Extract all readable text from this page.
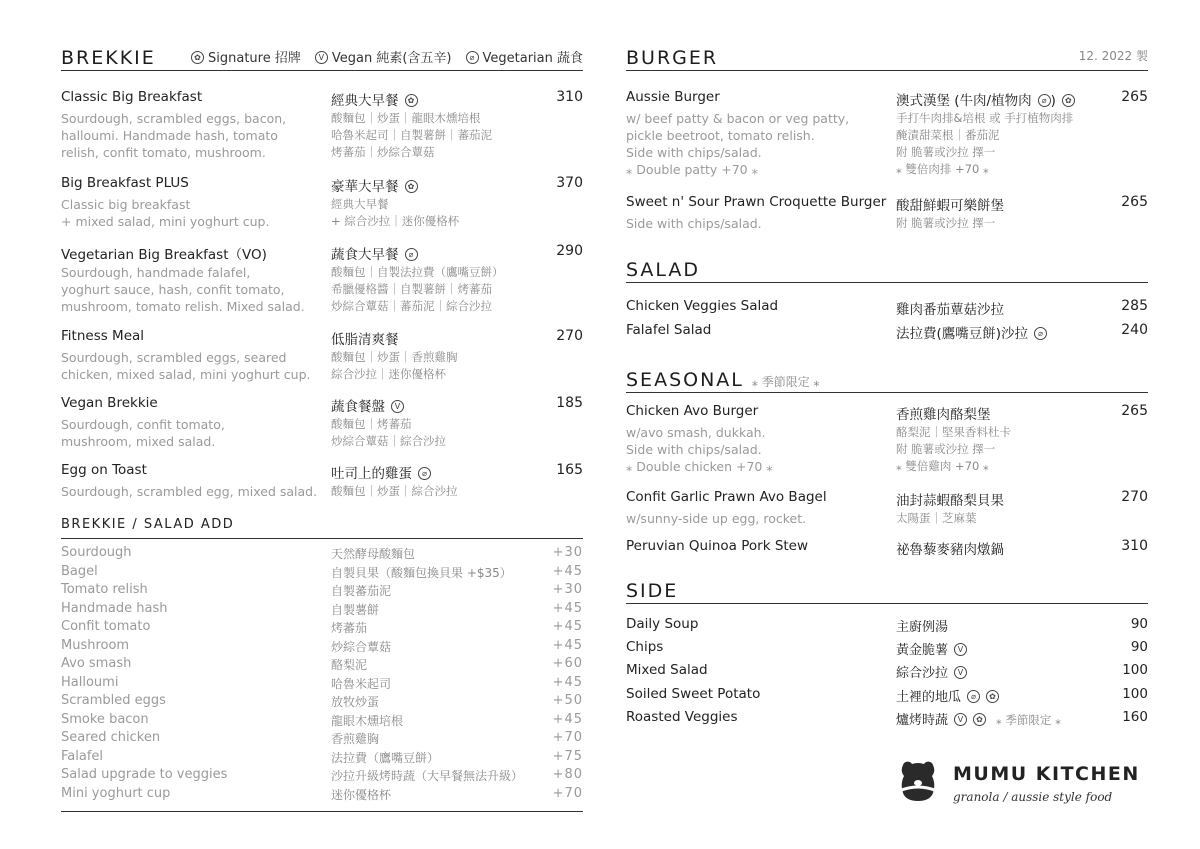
BREKKIE	✿ Signature 招牌 V Vegan 純素(含五辛) ⌀ Vegetarian 蔬食
Classic Big Breakfast	經典大早餐 ✿	310
Sourdough, scrambled eggs, bacon,
halloumi. Handmade hash, tomato
relish, confit tomato, mushroom.
酸麵包｜炒蛋｜龍眼木燻培根
哈魯米起司｜自製薯餅｜蕃茄泥
烤蕃茄｜炒綜合蕈菇
Big Breakfast PLUS	豪華大早餐 ✿	370
Classic big breakfast
+ mixed salad, mini yoghurt cup.
經典大早餐
+ 綜合沙拉｜迷你優格杯
Vegetarian Big Breakfast（VO)	蔬食大早餐 ⌀	290
Sourdough, handmade falafel,
yoghurt sauce, hash, confit tomato,
mushroom, tomato relish. Mixed salad.
酸麵包｜自製法拉費（鷹嘴豆餅）
希臘優格醬｜自製薯餅｜烤蕃茄
炒綜合蕈菇｜蕃茄泥｜綜合沙拉
Fitness Meal	低脂清爽餐	270
Sourdough, scrambled eggs, seared
chicken, mixed salad, mini yoghurt cup.
酸麵包｜炒蛋｜香煎雞胸
綜合沙拉｜迷你優格杯
Vegan Brekkie	蔬食餐盤 V	185
Sourdough, confit tomato,
mushroom, mixed salad.
酸麵包｜烤蕃茄
炒綜合蕈菇｜綜合沙拉
Egg on Toast	吐司上的雞蛋 ⌀	165
Sourdough, scrambled egg, mixed salad. 酸麵包｜炒蛋｜綜合沙拉
BREKKIE / SALAD ADD
Sourdough	天然酵母酸麵包	+30
Bagel	自製貝果（酸麵包換貝果 +$35）	+45
Tomato relish	自製蕃茄泥	+30
Handmade hash	自製薯餅	+45
Confit tomato	烤蕃茄	+45
Mushroom	炒綜合蕈菇	+45
Avo smash	酪梨泥	+60
Halloumi	哈魯米起司	+45
Scrambled eggs	放牧炒蛋	+50
Smoke bacon	龍眼木燻培根	+45
Seared chicken	香煎雞胸	+70
Falafel	法拉費（鷹嘴豆餅）	+75
Salad upgrade to veggies	沙拉升級烤時蔬（大早餐無法升級） +80
Mini yoghurt cup	迷你優格杯	+70
BURGER	12. 2022 製
Aussie Burger	澳式漢堡 (牛肉/植物肉 ⌀ ) ✿	265
w/ beef patty & bacon or veg patty,
pickle beetroot, tomato relish.
Side with chips/salad.
⁎ Double patty +70 ⁎
手打牛肉排&培根 或 手打植物肉排
醃漬甜菜根｜番茄泥
附 脆薯或沙拉 擇一
⁎ 雙倍肉排 +70 ⁎
Sweet n' Sour Prawn Croquette Burger 酸甜鮮蝦可樂餅堡	265
Side with chips/salad.	附 脆薯或沙拉 擇一
SALAD
Chicken Veggies Salad	雞肉番茄蕈菇沙拉	285
Falafel Salad	法拉費(鷹嘴豆餅)沙拉 ⌀	240
SEASONAL ⁎ 季節限定 ⁎
Chicken Avo Burger	香煎雞肉酪梨堡	265
w/avo smash, dukkah.
Side with chips/salad.
⁎ Double chicken +70 ⁎
酪梨泥｜堅果香料杜卡
附 脆薯或沙拉 擇一
⁎ 雙倍雞肉 +70 ⁎
Confit Garlic Prawn Avo Bagel	油封蒜蝦酪梨貝果	270
w/sunny-side up egg, rocket.	太陽蛋｜芝麻葉
Peruvian Quinoa Pork Stew	祕魯藜麥豬肉燉鍋	310
SIDE
Daily Soup	主廚例湯	90
Chips	黃金脆薯 V	90
Mixed Salad	綜合沙拉 V	100
Soiled Sweet Potato	土裡的地瓜 ⌀ ✿	100
Roasted Veggies	爐烤時蔬 V ✿ ⁎ 季節限定 ⁎	160
MUMU KITCHEN
granola / aussie style food
